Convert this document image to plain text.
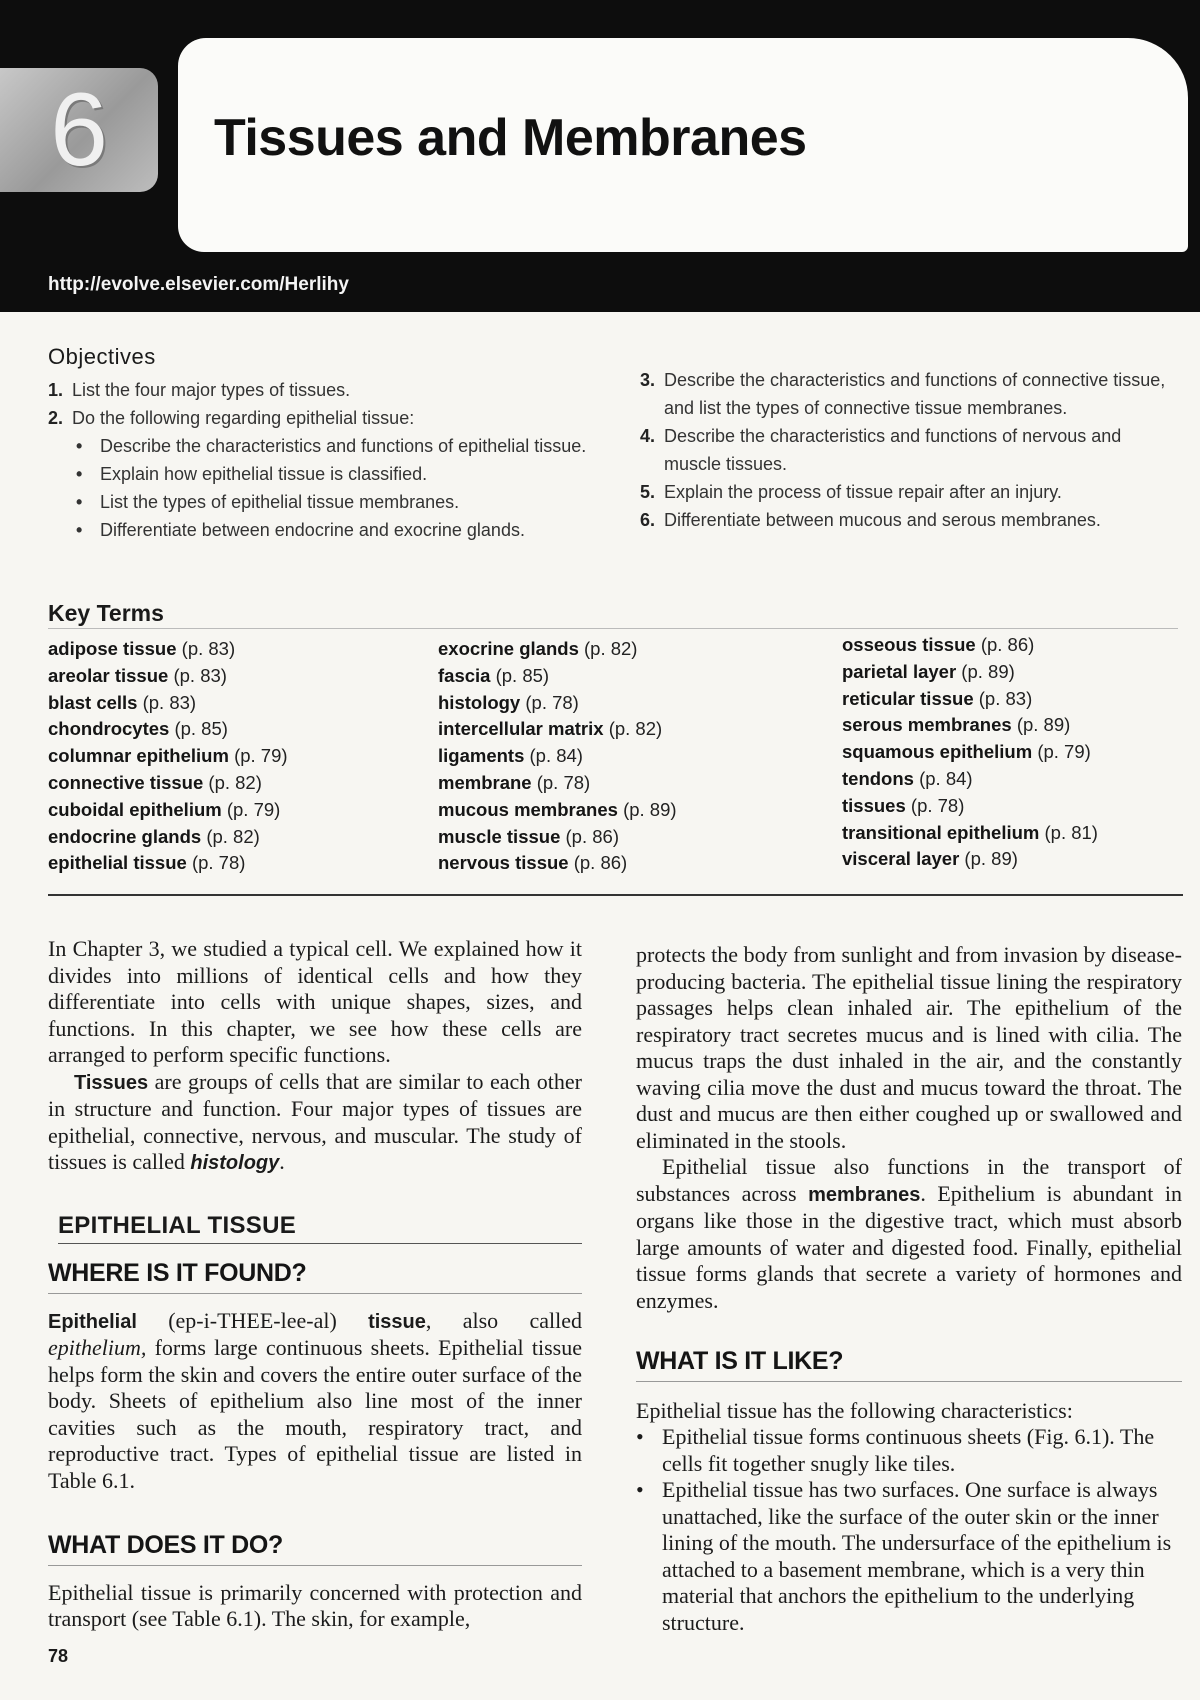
6 Tissues and Membranes
http://evolve.elsevier.com/Herlihy
Objectives
1. List the four major types of tissues.
2. Do the following regarding epithelial tissue:
• Describe the characteristics and functions of epithelial tissue.
• Explain how epithelial tissue is classified.
• List the types of epithelial tissue membranes.
• Differentiate between endocrine and exocrine glands.
3. Describe the characteristics and functions of connective tissue, and list the types of connective tissue membranes.
4. Describe the characteristics and functions of nervous and muscle tissues.
5. Explain the process of tissue repair after an injury.
6. Differentiate between mucous and serous membranes.
Key Terms
adipose tissue (p. 83)
areolar tissue (p. 83)
blast cells (p. 83)
chondrocytes (p. 85)
columnar epithelium (p. 79)
connective tissue (p. 82)
cuboidal epithelium (p. 79)
endocrine glands (p. 82)
epithelial tissue (p. 78)
exocrine glands (p. 82)
fascia (p. 85)
histology (p. 78)
intercellular matrix (p. 82)
ligaments (p. 84)
membrane (p. 78)
mucous membranes (p. 89)
muscle tissue (p. 86)
nervous tissue (p. 86)
osseous tissue (p. 86)
parietal layer (p. 89)
reticular tissue (p. 83)
serous membranes (p. 89)
squamous epithelium (p. 79)
tendons (p. 84)
tissues (p. 78)
transitional epithelium (p. 81)
visceral layer (p. 89)

In Chapter 3, we studied a typical cell. We explained how it divides into millions of identical cells and how they differentiate into cells with unique shapes, sizes, and functions. In this chapter, we see how these cells are arranged to perform specific functions.

Tissues are groups of cells that are similar to each other in structure and function. Four major types of tissues are epithelial, connective, nervous, and muscular. The study of tissues is called histology.

EPITHELIAL TISSUE
WHERE IS IT FOUND?

Epithelial (ep-i-THEE-lee-al) tissue, also called epithelium, forms large continuous sheets. Epithelial tissue helps form the skin and covers the entire outer surface of the body. Sheets of epithelium also line most of the inner cavities such as the mouth, respiratory tract, and reproductive tract. Types of epithelial tissue are listed in Table 6.1.

WHAT DOES IT DO?

Epithelial tissue is primarily concerned with protection and transport (see Table 6.1). The skin, for example,

protects the body from sunlight and from invasion by disease-producing bacteria. The epithelial tissue lining the respiratory passages helps clean inhaled air. The epithelium of the respiratory tract secretes mucus and is lined with cilia. The mucus traps the dust inhaled in the air, and the constantly waving cilia move the dust and mucus toward the throat. The dust and mucus are then either coughed up or swallowed and eliminated in the stools.

Epithelial tissue also functions in the transport of substances across membranes. Epithelium is abundant in organs like those in the digestive tract, which must absorb large amounts of water and digested food. Finally, epithelial tissue forms glands that secrete a variety of hormones and enzymes.

WHAT IS IT LIKE?

Epithelial tissue has the following characteristics:

• Epithelial tissue forms continuous sheets (Fig. 6.1). The cells fit together snugly like tiles.
• Epithelial tissue has two surfaces. One surface is always unattached, like the surface of the outer skin or the inner lining of the mouth. The undersurface of the epithelium is attached to a basement membrane, which is a very thin material that anchors the epithelium to the underlying structure.
78
